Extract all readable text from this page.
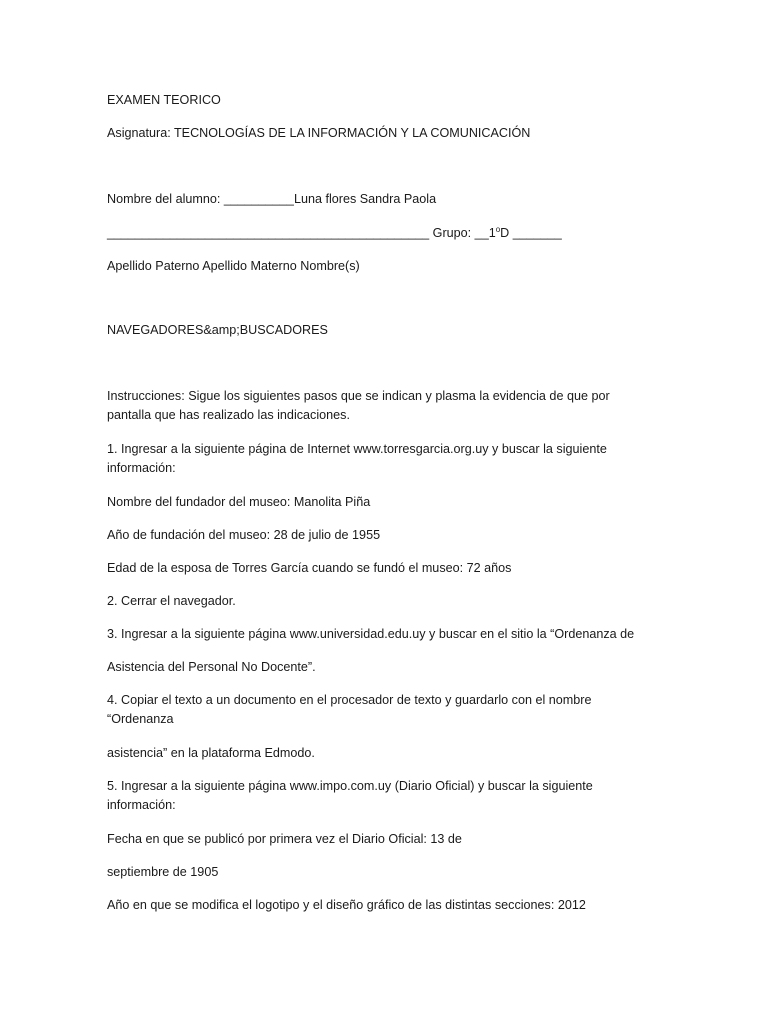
EXAMEN TEORICO
Asignatura: TECNOLOGÍAS DE LA INFORMACIÓN Y LA COMUNICACIÓN
Nombre del alumno: __________Luna flores Sandra Paola
______________________________________________ Grupo: __1$^o$D _______
Apellido Paterno Apellido Materno Nombre(s)
NAVEGADORES&amp;BUSCADORES
Instrucciones: Sigue los siguientes pasos que se indican y plasma la evidencia de que por pantalla que has realizado las indicaciones.
1. Ingresar a la siguiente página de Internet www.torresgarcia.org.uy y buscar la siguiente información:
Nombre del fundador del museo: Manolita Piña
Año de fundación del museo: 28 de julio de 1955
Edad de la esposa de Torres García cuando se fundó el museo: 72 años
2. Cerrar el navegador.
3. Ingresar a la siguiente página www.universidad.edu.uy y buscar en el sitio la “Ordenanza de
Asistencia del Personal No Docente”.
4. Copiar el texto a un documento en el procesador de texto y guardarlo con el nombre “Ordenanza
asistencia” en la plataforma Edmodo.
5. Ingresar a la siguiente página www.impo.com.uy (Diario Oficial) y buscar la siguiente información:
Fecha en que se publicó por primera vez el Diario Oficial: 13 de
septiembre de 1905
Año en que se modifica el logotipo y el diseño gráfico de las distintas secciones: 2012
